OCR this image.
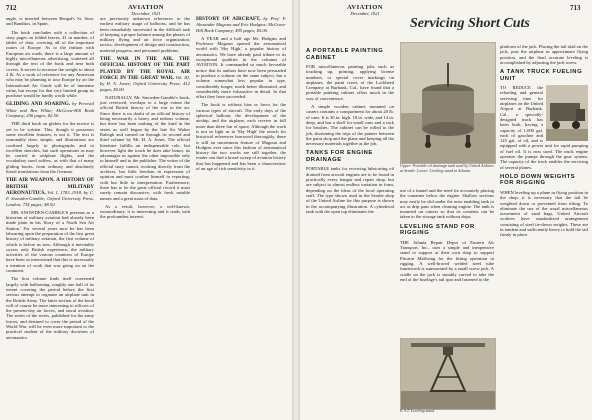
712	AVIATION
December, 1921

angle, is inserted between Bengal's Si, Sion, and Banditos, in Spain.

The book concludes with a collection of sixty pages on folded leaves, 41 in number, of tables of data, covering all of the important routes of Europe. As to the fashion with European air roads, there is a large amount of highly miscellaneous advertising, scattered all through the text of the book and near both covers. It serves to increase the weight to about 2 lb. As a work of reference for any American who may be planning to tour Europe by air the International Air Guide will be of immense value, but except for that very limited group its purchase would be hardly worth while.

GLIDING AND SOARING. by Percival White and Ben White; McGraw-Hill Book Company; 256 pages; $2.50.

THE third book on gliders for the novice is yet to be written. This, though it possesses some excellent features, is not it. The text is reasonably clear, simple, and illustrations are confined largely to photographs and to excellent sketches, but such operations as may be carried in sailplane flights, and the vocabulary used suffers, as with that of many gliding books, from ordinary and absolutely literal translations from the German.

THE AIR WEAPON. A HISTORY OF BRITISH MILITARY AERONAUTICS, Vol. I, 1783–1918, by C. F. Snowden-Gamble; Oxford University Press, London; 734 pages; $8.50.

MR. SNOWDEN-GAMBLE'S presents as a historian of military aviation had already been made plain in his 'Story of a North Sea Air Station.' For several years now he has been labouring upon the preparation of the first great history of military aviation, the first volume of which is before us now. Although it inevitably covers only British experience, the military activities of the various countries of Europe have been so intertwined that this is necessarily a mention of work that was going on on the continent.

The first volume finds itself concerned largely with ballooning, roughly one half of its extent covering the period before the first serious attempt to organize an airplane unit in the British Army. The latter section of the book will of course be more interesting to officers of the present-day air forces, and naval aviation. The series of the series, published for the army forces, and destined to cover the period of the World War, will be even more important to the practical student of the military doctrines of aeronautics.

are previously unknown references to the earliest military usage of balloons, and he has been remarkably successful in the difficult task of keeping a proper balance among the phases of military flying and air force organization, tactics, development of design and construction, material progress, and personnel problems.

THE WAR IN THE AIR. THE OFFICIAL HISTORY OF THE PART PLAYED BY THE ROYAL AIR FORCE IN THE GREAT WAR, Vol. III, by H. A. Jones; Oxford University Press; 412 pages; $5.00.

NATURALLY, Mr. Snowden-Gamble's book, just reviewed, overlaps to a large extent the official British history of the war in the air. Since there is no doubt of an official history of being necessarily a heavy and tedious volume, but there has been nothing of the kind in the series as well begun by the late Sir Walter Raleigh and carried on through its second and third volume by Mr. H. A. Jones. The official literature fulfills an indispensable role, but however light the touch he does take honor, its advantages as against the other impossible only to himself and to the publisher. The writer of the official story cannot, working directly from the archives, has little freedom in expression of opinion and must confine himself to reporting, with but little in interpretation. Furthermore, there has to be the great official record it must surely remain discursive, with fresh notable names and a great mass of data.

As a result, however, a well-known, extraordinary, it is interesting and it reads with the profoundest interest.

HISTORY OF AIRCRAFT, by Prof. F. Alexander Magoun and Eric Hodgins; McGraw-Hill Book Company; 495 pages; $5.00.

A YEAR and a half ago Mr. Hodgins and Professor Magoun opened the aeronautical world with 'Sky High,' a popular history of aeronautics. We have already paid tribute to its exceptional qualities in the columns of AVIATION. It commanded so much favorable notice that its authors have now been persuaded to produce a volume on the same subject, but a volume somewhat less popular in type, considerably longer, much better illustrated, and considerably more exhaustive in detail. In that effort they have succeeded.

The book is without bias or favor for the various types of aircraft. The early days of the spherical balloon, the development of the airship, and the airplane, each receive in full more than three fair of space. Although the work is not so light as in 'Sky High' the search for historical references burrowed thoroughly, there is still an uncommon feature of Magoun and Hodgins ever since this fashion of aeronautical history the two works are still together, the reader can find a broad sweep of aviation history that has happened and has been a characteristic of an age of rich sensitivity in it.

AVIATION
December, 1921
713
Servicing Short Cuts
A PORTABLE PAINTING CABINET

FOR miscellaneous painting jobs such as touching up, priming, applying license numbers, or special cover markings on airplanes, the paint crews of the Lockheed Company at Burbank, Cal., have found that a portable painting cabinet offers much in the way of convenience.

A simple wooden cabinet mounted on casters contains a compartment for about 20 lb. of cans. It is 30 in. high, 18 in. wide, and 14 in. deep, and has a shelf for small cans and a rack for brushes. The cabinet can be rolled to the job, shortening the trips of the painter between the paint shop and the plane and keeping all the necessary materials together at the job.

TANKS FOR ENGINE DRAINAGE

PORTABLE tanks for receiving lubricating oil drained from aircraft engines are to be found in practically every hangar and repair shop, but are subject to almost endless variation in form, depending on the ideas of the local operating staff. The type shown used in the Seattle shop of the United Airline for this purpose is shown in the accompanying illustration. A cylindrical tank with the open top eliminates the

Upper: Portable oil drainage tank used by United Airlines at Seattle. Lower: Leveling stand at Atlanta.

use of a funnel and the need for accurately placing the container below the engine. Shallow sections may easily be slid under the nose enabling tank to act as drip pans when cleaning engine. The tank is mounted on casters so that its contents can be taken to the storage tank without drips.

LEVELING STAND FOR RIGGING

THE Atlanta Repair Depot of Eastern Air Transport, Inc., uses a simple and inexpensive stand to support at their own shop to support Pitcairn Mailwing for the fitting operation in rigging. A well-braced welded steel tube framework is surmounted by a small screw jack. A cradle on the jack is suitably curved to take the end of the fuselage's tail spar and fastened to the

platform of the jack. Placing the tail skid on the jack, puts the airplane in approximate flying position, and the final accurate leveling is accomplished by adjusting the jack screw.

A TANK TRUCK FUELING UNIT

TO REDUCE the refueling and general servicing time for airplanes on the United Airport at Burbank, Cal., a specially-designed truck has been built, having a capacity of 1,000 gal. each of gasoline and 125 gal. of oil, and is equipped with a power unit for rapid pumping of fuel oil. It is now used. The truck engine operates the pumps through the gear system. The capacity of the truck enables the servicing of several planes.

HOLD DOWN WEIGHTS FOR RIGGING

WHEN leveling up a plane in flying position in the shop, it is necessary that the tail be weighted down or prevented from tilting. To eliminate the use of the usual miscellaneous assortment of sand bags, United Aircraft workers have standardized arrangement consisting of steel tie-down weights. These are in tandem and sufficiently heavy to hold the tail firmly in place.

E.A.T. Leveling stand
